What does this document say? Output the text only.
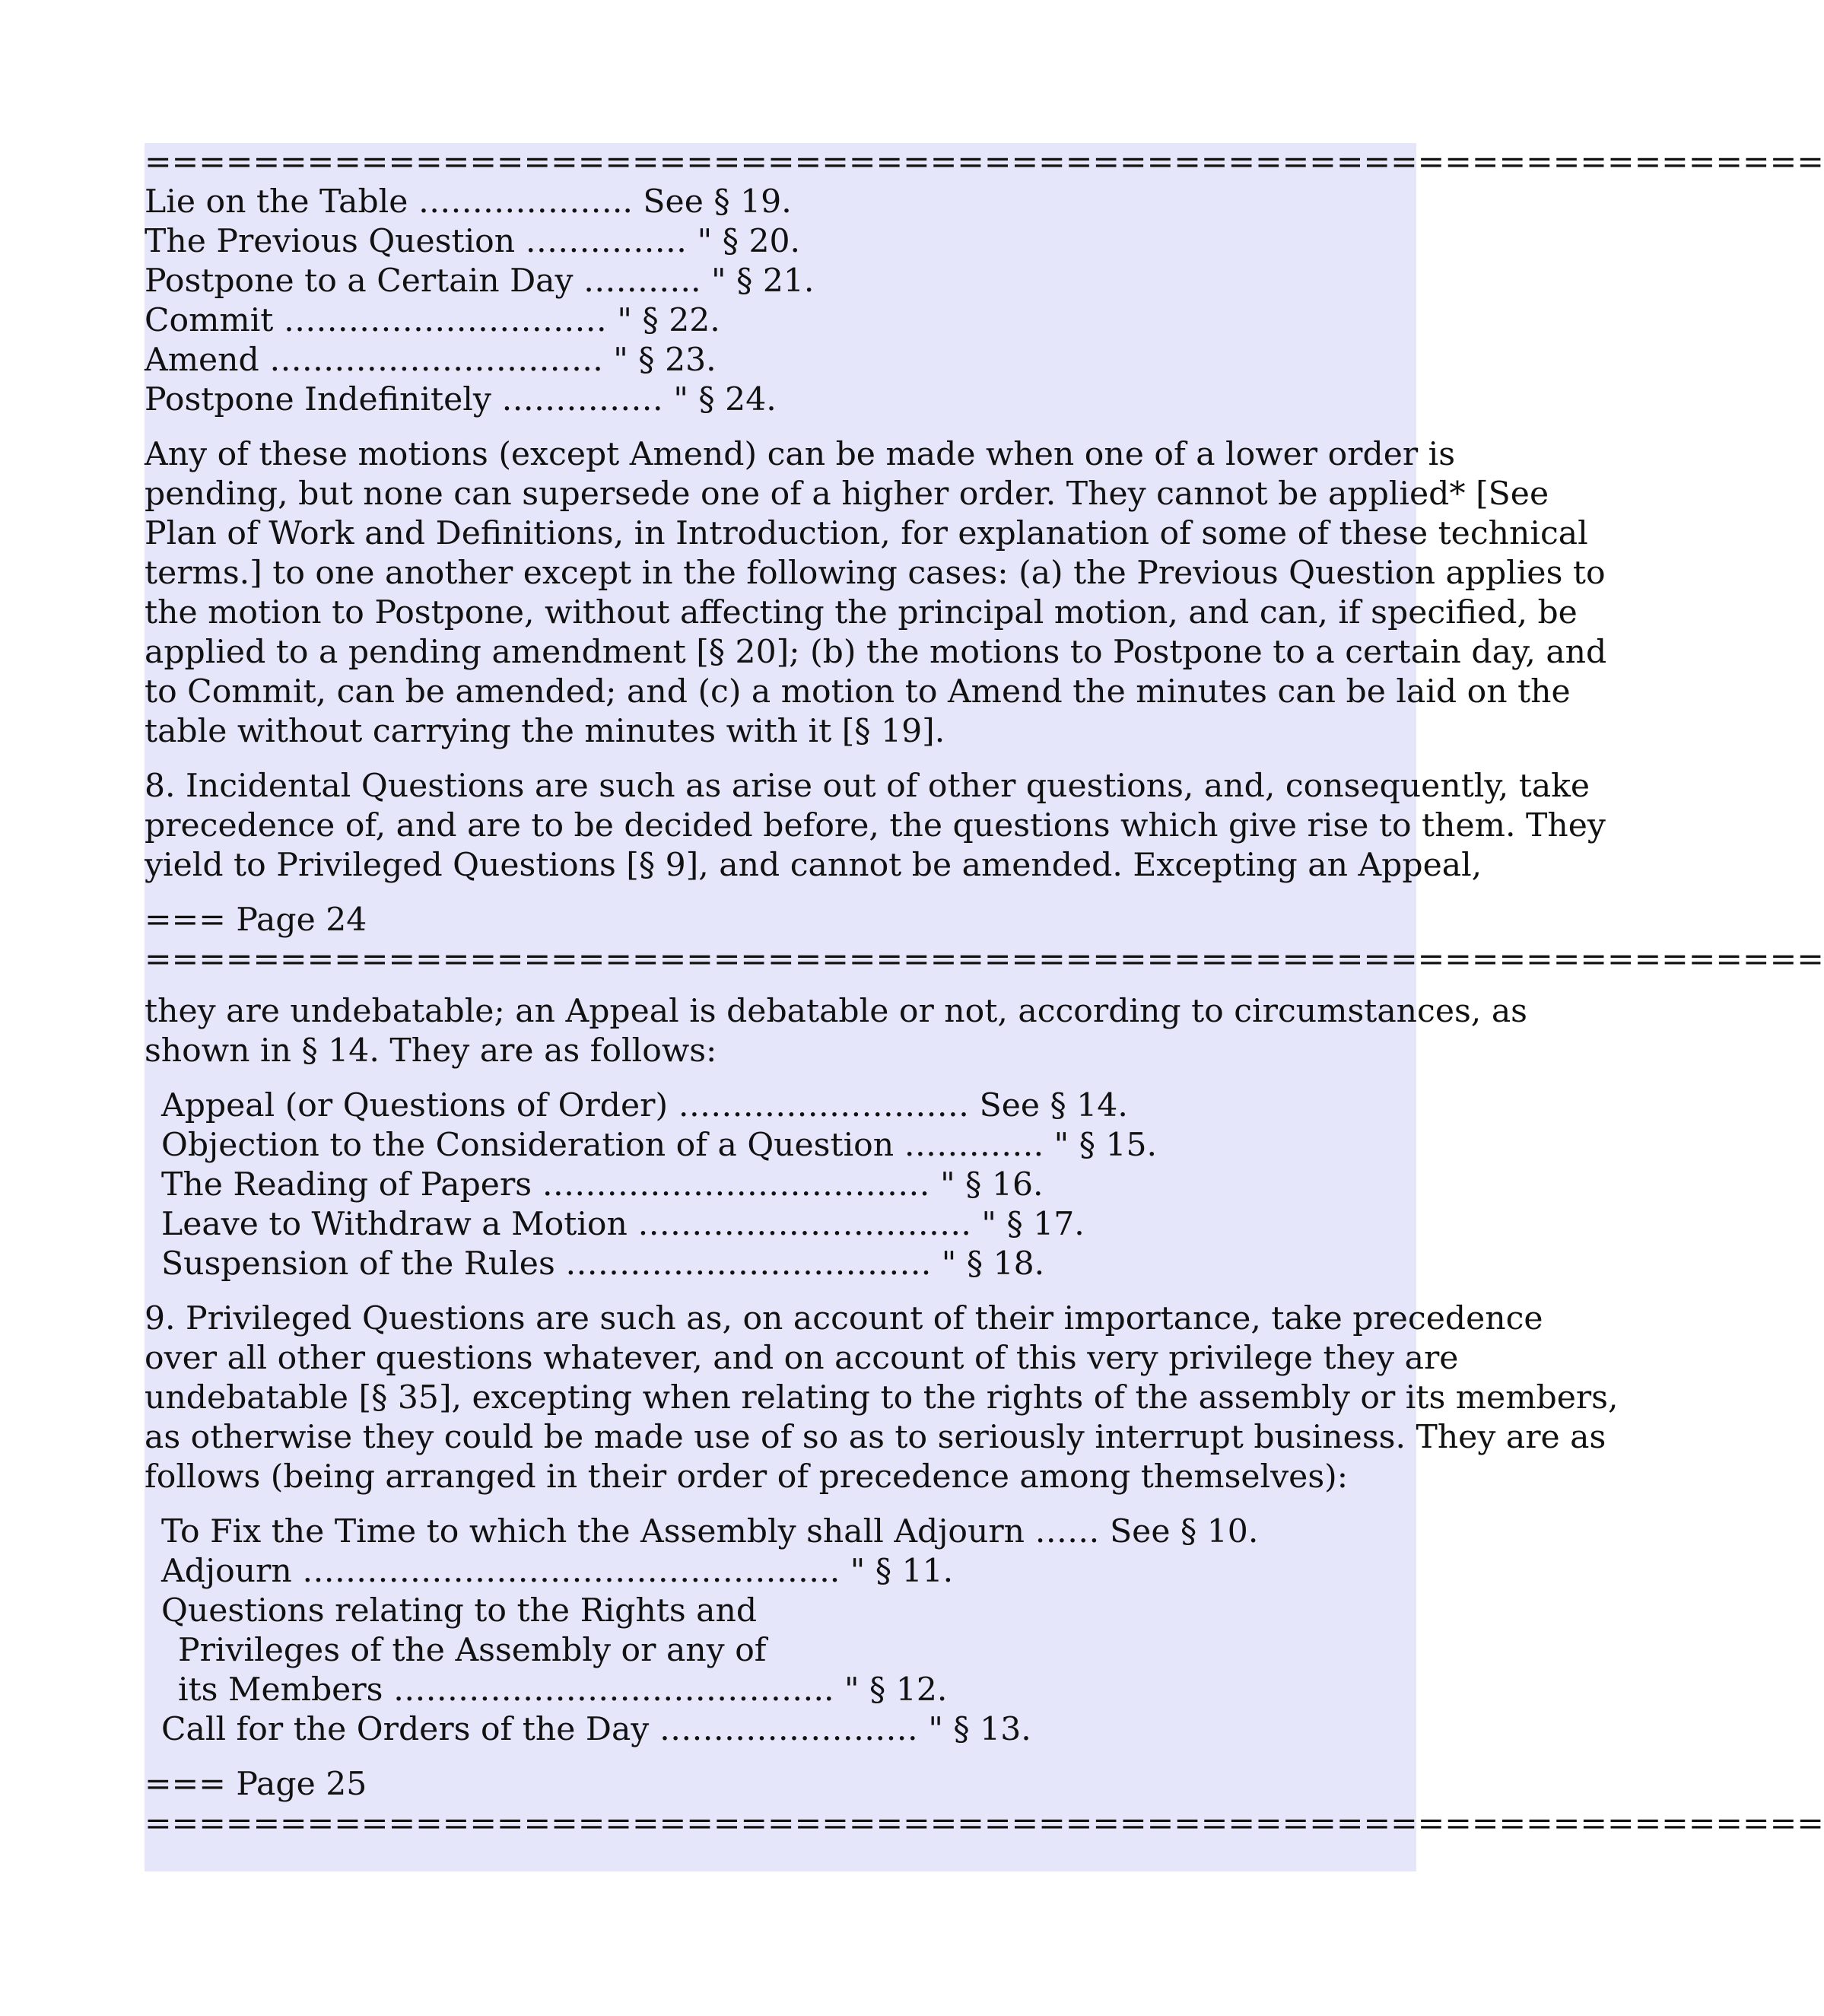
==============================================================
Lie on the Table ……………….. See § 19.
The Previous Question …………… " § 20.
Postpone to a Certain Day ……….. " § 21.
Commit ………………………… " § 22.
Amend …………………………. " § 23.
Postpone Indefinitely …………… " § 24.
Any of these motions (except Amend) can be made when one of a lower order is
pending, but none can supersede one of a higher order. They cannot be applied* [See
Plan of Work and Definitions, in Introduction, for explanation of some of these technical
terms.] to one another except in the following cases: (a) the Previous Question applies to
the motion to Postpone, without affecting the principal motion, and can, if specified, be
applied to a pending amendment [§ 20]; (b) the motions to Postpone to a certain day, and
to Commit, can be amended; and (c) a motion to Amend the minutes can be laid on the
table without carrying the minutes with it [§ 19].
8. Incidental Questions are such as arise out of other questions, and, consequently, take
precedence of, and are to be decided before, the questions which give rise to them. They
yield to Privileged Questions [§ 9], and cannot be amended. Excepting an Appeal,
=== Page 24
==============================================================
they are undebatable; an Appeal is debatable or not, according to circumstances, as
shown in § 14. They are as follows:
Appeal (or Questions of Order) ……………………… See § 14.
Objection to the Consideration of a Question …………. " § 15.
The Reading of Papers ……………………………… " § 16.
Leave to Withdraw a Motion …………………………. " § 17.
Suspension of the Rules ……………………………. " § 18.
9. Privileged Questions are such as, on account of their importance, take precedence
over all other questions whatever, and on account of this very privilege they are
undebatable [§ 35], excepting when relating to the rights of the assembly or its members,
as otherwise they could be made use of so as to seriously interrupt business. They are as
follows (being arranged in their order of precedence among themselves):
To Fix the Time to which the Assembly shall Adjourn …… See § 10.
Adjourn ………………………………………….. " § 11.
Questions relating to the Rights and
Privileges of the Assembly or any of
its Members ………………………………….. " § 12.
Call for the Orders of the Day …………………… " § 13.
=== Page 25
==============================================================
